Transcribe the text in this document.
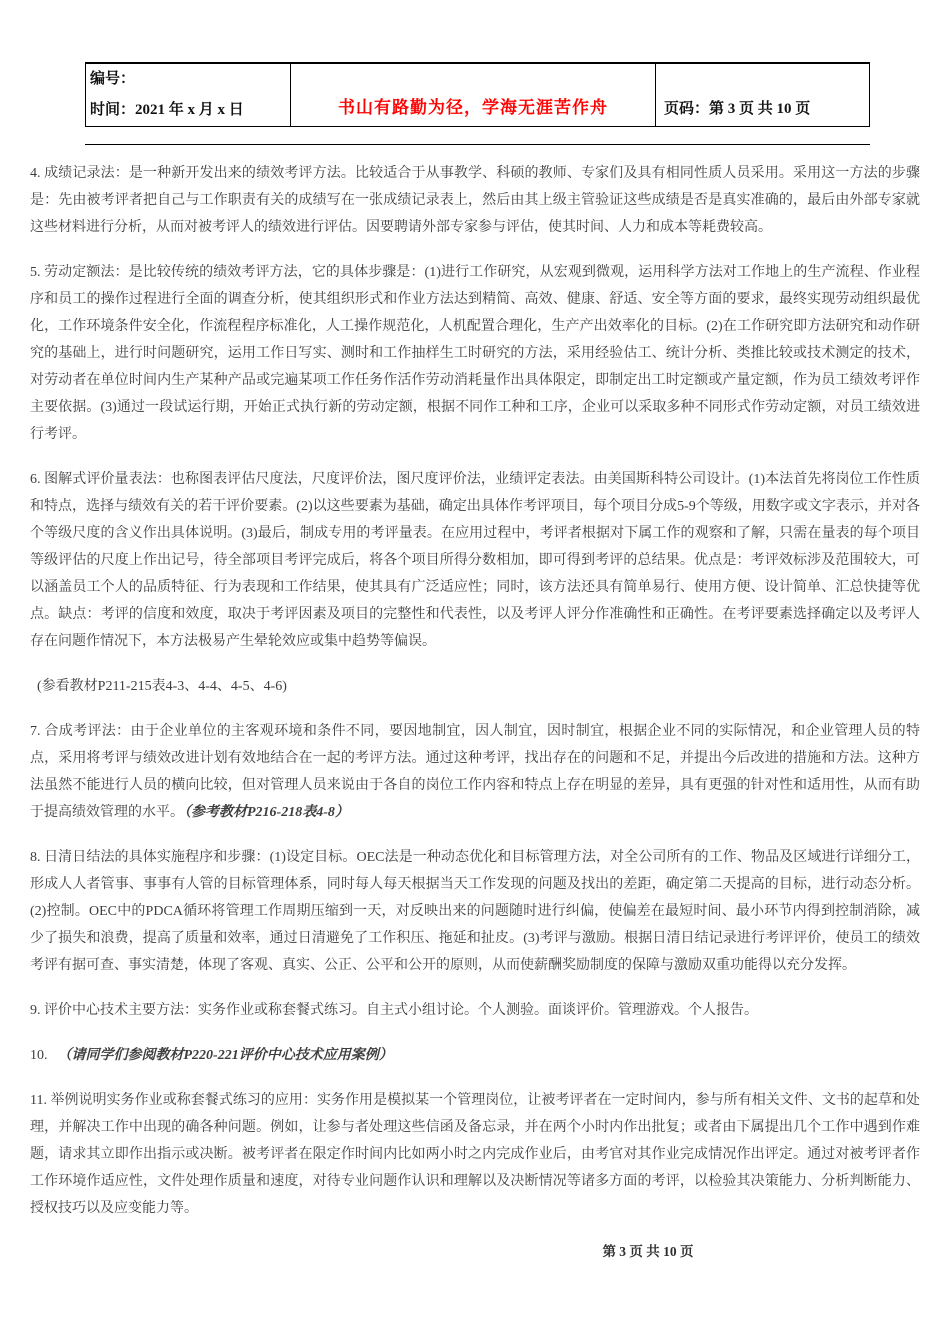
编号：
时间：2021 年 x 月 x 日	书山有路勤为径，学海无涯苦作舟	页码：第 3 页 共 10 页

4. 成绩记录法：是一种新开发出来的绩效考评方法。比较适合于从事教学、科硕的教师、专家们及具有相同性质人员采用。采用这一方法的步骤是：先由被考评者把自己与工作职责有关的成绩写在一张成绩记录表上，然后由其上级主管验证这些成绩是否是真实准确的，最后由外部专家就这些材料进行分析，从而对被考评人的绩效进行评估。因要聘请外部专家参与评估，使其时间、人力和成本等耗费较高。

5. 劳动定额法：是比较传统的绩效考评方法，它的具体步骤是：(1)进行工作研究，从宏观到微观，运用科学方法对工作地上的生产流程、作业程序和员工的操作过程进行全面的调查分析，使其组织形式和作业方法达到精简、高效、健康、舒适、安全等方面的要求，最终实现劳动组织最优化，工作环境条件安全化，作流程程序标准化，人工操作规范化，人机配置合理化，生产产出效率化的目标。(2)在工作研究即方法研究和动作研究的基础上，进行时问题研究，运用工作日写实、测时和工作抽样生工时研究的方法，采用经验估工、统计分析、类推比较或技术测定的技术，对劳动者在单位时间内生产某种产品或完遍某项工作任务作活作劳动消耗量作出具体限定，即制定出工时定额或产量定额，作为员工绩效考评作主要依据。(3)通过一段试运行期，开始正式执行新的劳动定额，根据不同作工种和工序，企业可以采取多种不同形式作劳动定额，对员工绩效进行考评。

6. 图解式评价量表法：也称图表评估尺度法，尺度评价法，图尺度评价法，业绩评定表法。由美国斯科特公司设计。(1)本法首先将岗位工作性质和特点，选择与绩效有关的若干评价要素。(2)以这些要素为基础，确定出具体作考评项目，每个项目分成5-9个等级，用数字或文字表示，并对各个等级尺度的含义作出具体说明。(3)最后，制成专用的考评量表。在应用过程中，考评者根据对下属工作的观察和了解，只需在量表的每个项目等级评估的尺度上作出记号，待全部项目考评完成后，将各个项目所得分数相加，即可得到考评的总结果。优点是：考评效标涉及范围较大，可以涵盖员工个人的品质特征、行为表现和工作结果，使其具有广泛适应性；同时，该方法还具有简单易行、使用方便、设计简单、汇总快捷等优点。缺点：考评的信度和效度，取决于考评因素及项目的完整性和代表性，以及考评人评分作准确性和正确性。在考评要素选择确定以及考评人存在问题作情况下，本方法极易产生晕轮效应或集中趋势等偏误。

(参看教材P211-215表4-3、4-4、4-5、4-6)

7. 合成考评法：由于企业单位的主客观环境和条件不同，要因地制宜，因人制宜，因时制宜，根据企业不同的实际情况，和企业管理人员的特点，采用将考评与绩效改进计划有效地结合在一起的考评方法。通过这种考评，找出存在的问题和不足，并提出今后改进的措施和方法。这种方法虽然不能进行人员的横向比较，但对管理人员来说由于各自的岗位工作内容和特点上存在明显的差异，具有更强的针对性和适用性，从而有助于提高绩效管理的水平。（参考教材P216-218表4-8）

8. 日清日结法的具体实施程序和步骤：(1)设定目标。OEC法是一种动态优化和目标管理方法，对全公司所有的工作、物品及区域进行详细分工，形成人人者管事、事事有人管的目标管理体系，同时每人每天根据当天工作发现的问题及找出的差距，确定第二天提高的目标，进行动态分析。(2)控制。OEC中的PDCA循环将管理工作周期压缩到一天，对反映出来的问题随时进行纠偏，使偏差在最短时间、最小环节内得到控制消除，减少了损失和浪费，提高了质量和效率，通过日清避免了工作积压、拖延和扯皮。(3)考评与激励。根据日清日结记录进行考评评价，使员工的绩效考评有据可查、事实清楚，体现了客观、真实、公正、公平和公开的原则，从而使薪酬奖励制度的保障与激励双重功能得以充分发挥。

9. 评价中心技术主要方法：实务作业或称套餐式练习。自主式小组讨论。个人测验。面谈评价。管理游戏。个人报告。

10. （请同学们参阅教材P220-221评价中心技术应用案例）

11. 举例说明实务作业或称套餐式练习的应用：实务作用是模拟某一个管理岗位，让被考评者在一定时间内，参与所有相关文件、文书的起草和处理，并解决工作中出现的确各种问题。例如，让参与者处理这些信函及备忘录，并在两个小时内作出批复；或者由下属提出几个工作中遇到作难题，请求其立即作出指示或决断。被考评者在限定作时间内比如两小时之内完成作业后，由考官对其作业完成情况作出评定。通过对被考评者作工作环境作适应性，文件处理作质量和速度，对待专业问题作认识和理解以及决断情况等诸多方面的考评，以检验其决策能力、分析判断能力、授权技巧以及应变能力等。

第 3 页 共 10 页
